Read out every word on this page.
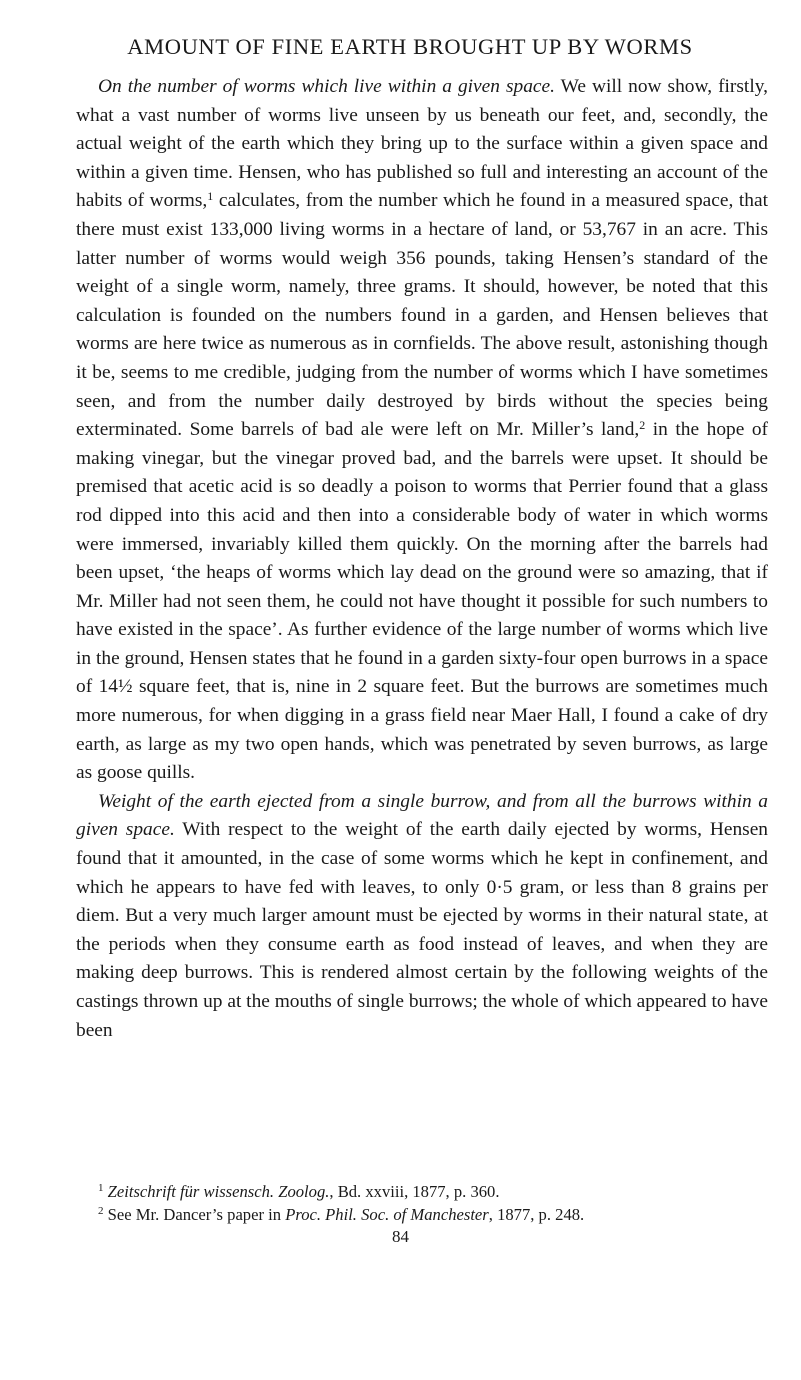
AMOUNT OF FINE EARTH BROUGHT UP BY WORMS

On the number of worms which live within a given space. We will now show, firstly, what a vast number of worms live unseen by us beneath our feet, and, secondly, the actual weight of the earth which they bring up to the surface within a given space and within a given time. Hensen, who has published so full and interesting an account of the habits of worms,$^1$ calculates, from the number which he found in a measured space, that there must exist 133,000 living worms in a hectare of land, or 53,767 in an acre. This latter number of worms would weigh 356 pounds, taking Hensen’s standard of the weight of a single worm, namely, three grams. It should, however, be noted that this calculation is founded on the numbers found in a garden, and Hensen believes that worms are here twice as numerous as in cornfields. The above result, astonishing though it be, seems to me credible, judging from the number of worms which I have sometimes seen, and from the number daily destroyed by birds without the species being exterminated. Some barrels of bad ale were left on Mr. Miller’s land,$^2$ in the hope of making vinegar, but the vinegar proved bad, and the barrels were upset. It should be premised that acetic acid is so deadly a poison to worms that Perrier found that a glass rod dipped into this acid and then into a considerable body of water in which worms were immersed, invariably killed them quickly. On the morning after the barrels had been upset, ‘the heaps of worms which lay dead on the ground were so amazing, that if Mr. Miller had not seen them, he could not have thought it possible for such numbers to have existed in the space’. As further evidence of the large number of worms which live in the ground, Hensen states that he found in a garden sixty-four open burrows in a space of 14½ square feet, that is, nine in 2 square feet. But the burrows are sometimes much more numerous, for when digging in a grass field near Maer Hall, I found a cake of dry earth, as large as my two open hands, which was penetrated by seven burrows, as large as goose quills.

Weight of the earth ejected from a single burrow, and from all the burrows within a given space. With respect to the weight of the earth daily ejected by worms, Hensen found that it amounted, in the case of some worms which he kept in confinement, and which he appears to have fed with leaves, to only 0·5 gram, or less than 8 grains per diem. But a very much larger amount must be ejected by worms in their natural state, at the periods when they consume earth as food instead of leaves, and when they are making deep burrows. This is rendered almost certain by the following weights of the castings thrown up at the mouths of single burrows; the whole of which appeared to have been

$^1$ Zeitschrift für wissensch. Zoolog., Bd. xxviii, 1877, p. 360.

$^2$ See Mr. Dancer’s paper in Proc. Phil. Soc. of Manchester, 1877, p. 248.

84
